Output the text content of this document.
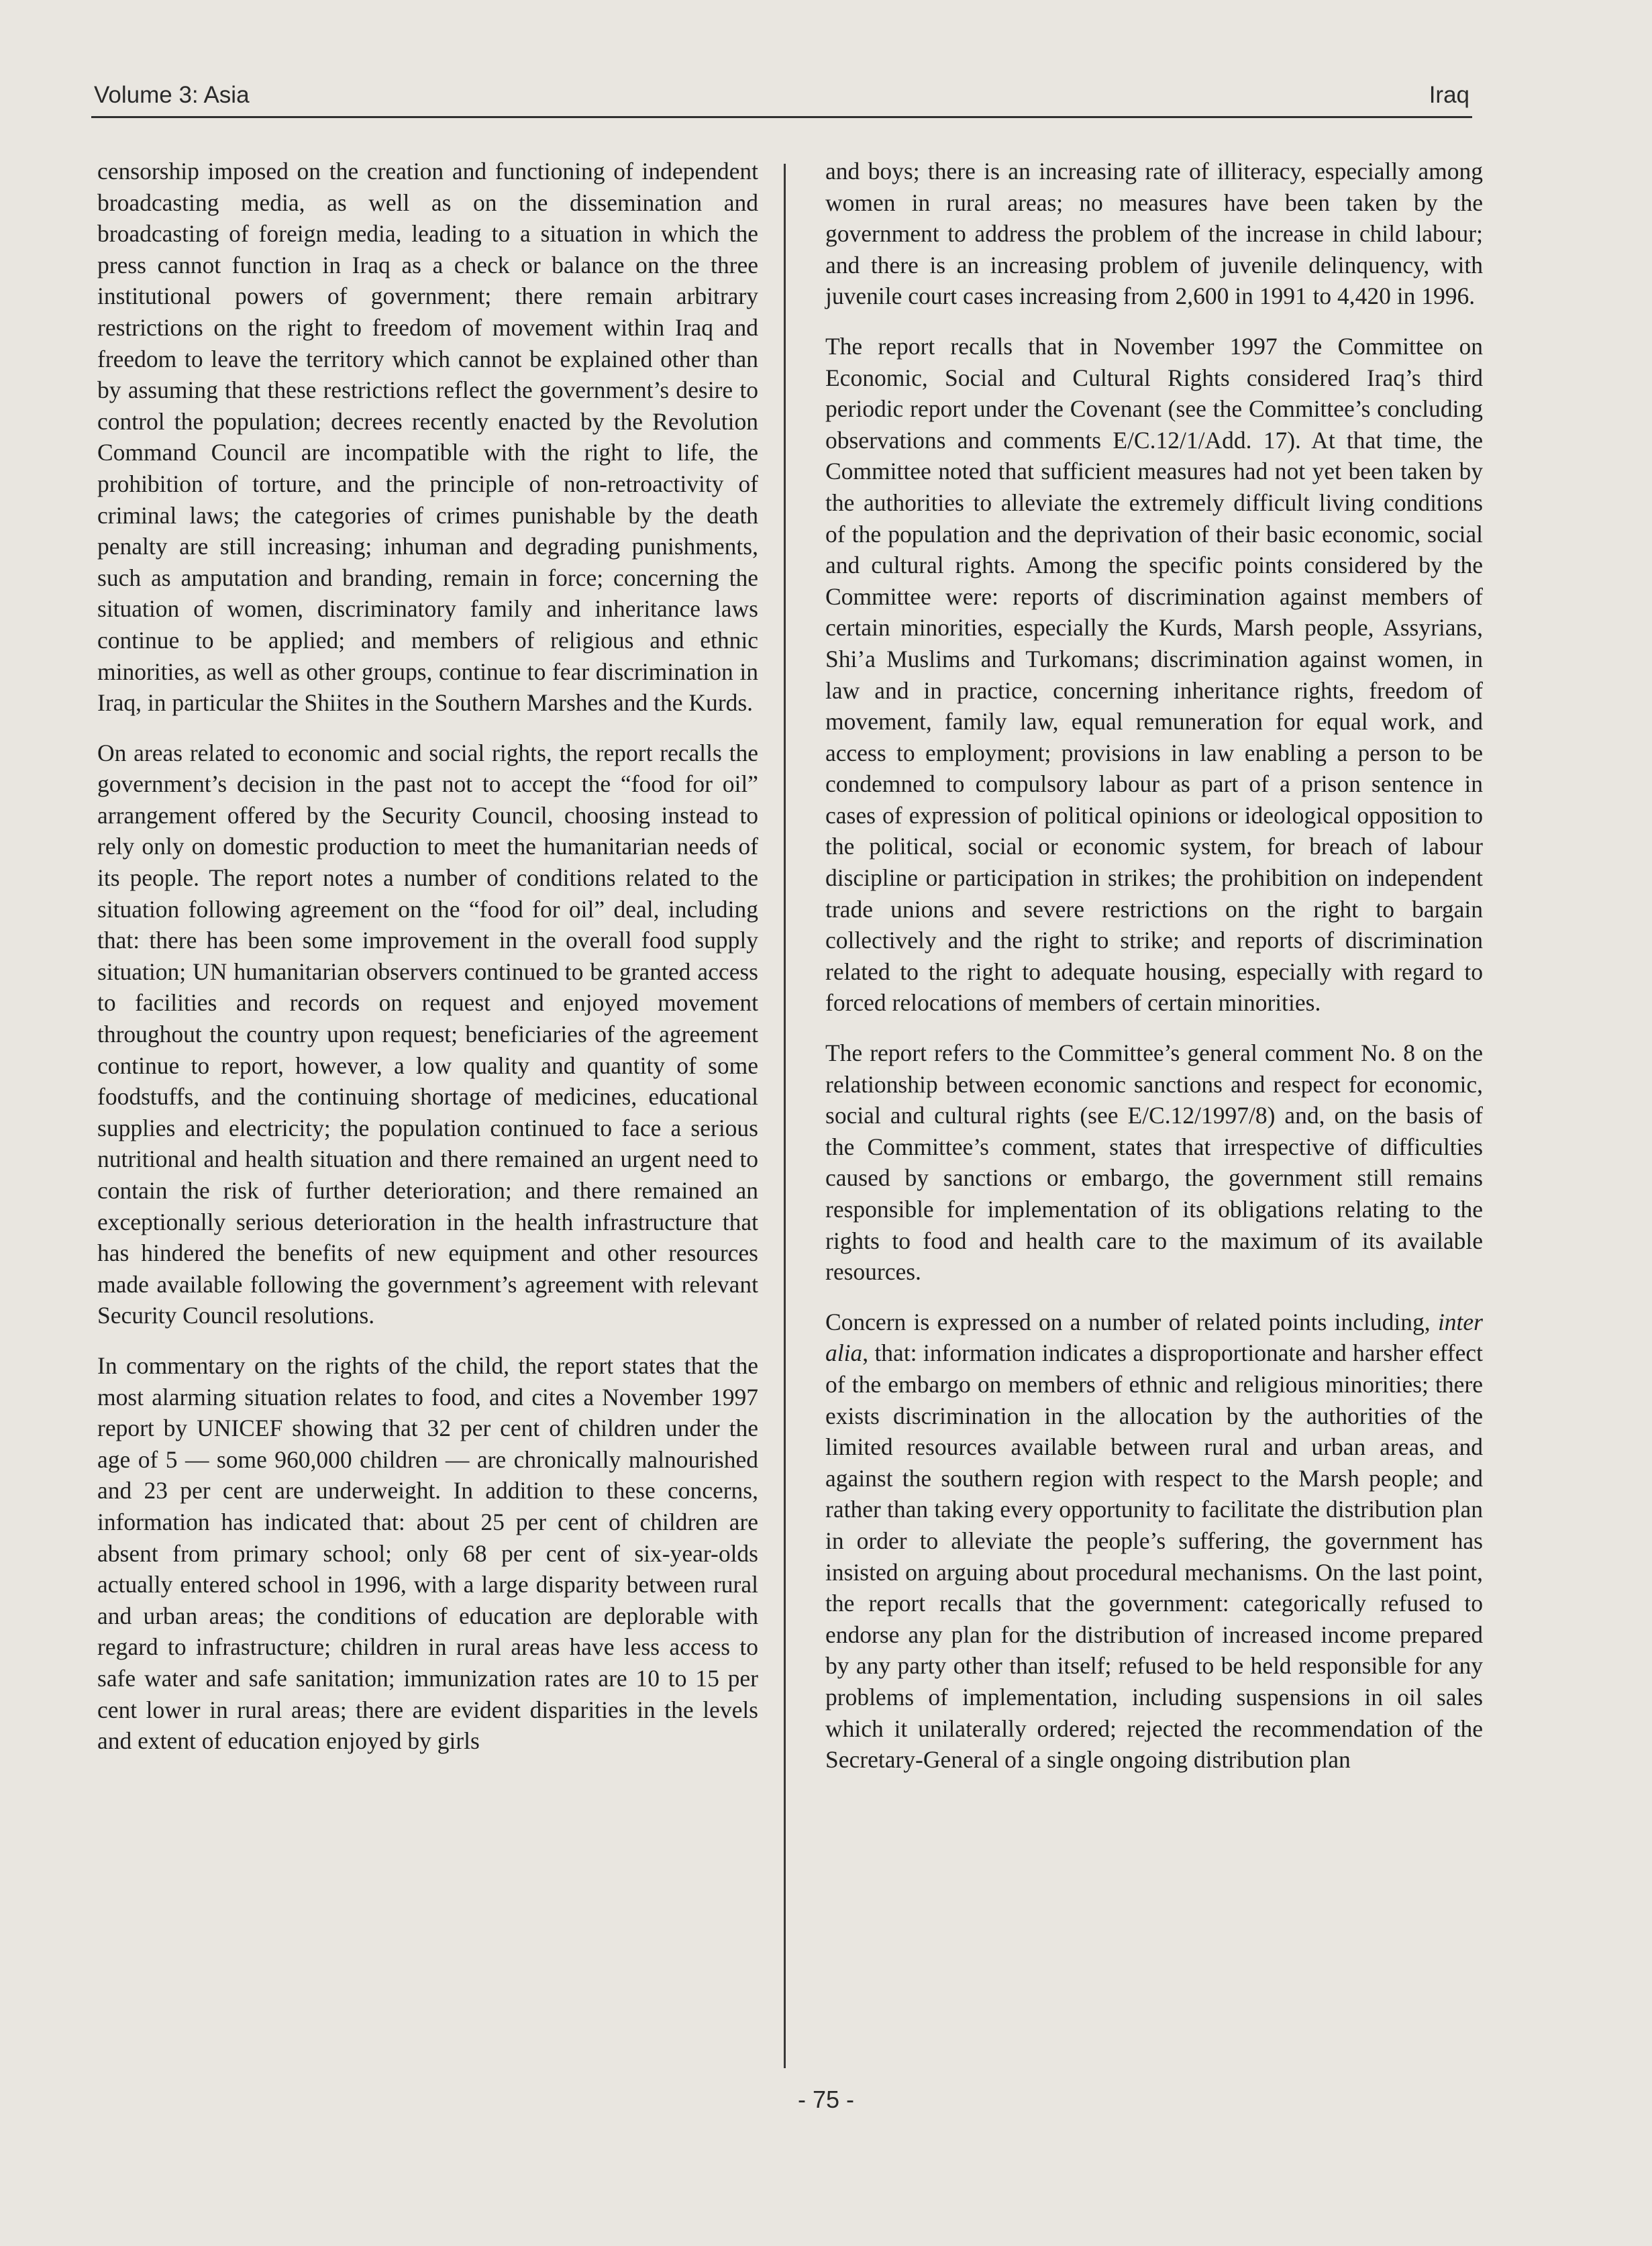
Volume 3: Asia	Iraq

censorship imposed on the creation and functioning of independent broadcasting media, as well as on the dissemination and broadcasting of foreign media, leading to a situation in which the press cannot function in Iraq as a check or balance on the three institutional powers of government; there remain arbitrary restrictions on the right to freedom of movement within Iraq and freedom to leave the territory which cannot be explained other than by assuming that these restrictions reflect the government’s desire to control the population; decrees recently enacted by the Revolution Command Council are incompatible with the right to life, the prohibition of torture, and the principle of non-retroactivity of criminal laws; the categories of crimes punishable by the death penalty are still increasing; inhuman and degrading punishments, such as amputation and branding, remain in force; concerning the situation of women, discriminatory family and inheritance laws continue to be applied; and members of religious and ethnic minorities, as well as other groups, continue to fear discrimination in Iraq, in particular the Shiites in the Southern Marshes and the Kurds.

On areas related to economic and social rights, the report recalls the government’s decision in the past not to accept the “food for oil” arrangement offered by the Security Council, choosing instead to rely only on domestic production to meet the humanitarian needs of its people. The report notes a number of conditions related to the situation following agreement on the “food for oil” deal, including that: there has been some improvement in the overall food supply situation; UN humanitarian observers continued to be granted access to facilities and records on request and enjoyed movement throughout the country upon request; beneficiaries of the agreement continue to report, however, a low quality and quantity of some foodstuffs, and the continuing shortage of medicines, educational supplies and electricity; the population continued to face a serious nutritional and health situation and there remained an urgent need to contain the risk of further deterioration; and there remained an exceptionally serious deterioration in the health infrastructure that has hindered the benefits of new equipment and other resources made available following the government’s agreement with relevant Security Council resolutions.

In commentary on the rights of the child, the report states that the most alarming situation relates to food, and cites a November 1997 report by UNICEF showing that 32 per cent of children under the age of 5 — some 960,000 children — are chronically malnourished and 23 per cent are underweight. In addition to these concerns, information has indicated that: about 25 per cent of children are absent from primary school; only 68 per cent of six-year-olds actually entered school in 1996, with a large disparity between rural and urban areas; the conditions of education are deplorable with regard to infrastructure; children in rural areas have less access to safe water and safe sanitation; immunization rates are 10 to 15 per cent lower in rural areas; there are evident disparities in the levels and extent of education enjoyed by girls

and boys; there is an increasing rate of illiteracy, especially among women in rural areas; no measures have been taken by the government to address the problem of the increase in child labour; and there is an increasing problem of juvenile delinquency, with juvenile court cases increasing from 2,600 in 1991 to 4,420 in 1996.

The report recalls that in November 1997 the Committee on Economic, Social and Cultural Rights considered Iraq’s third periodic report under the Covenant (see the Committee’s concluding observations and comments E/C.12/1/Add. 17). At that time, the Committee noted that sufficient measures had not yet been taken by the authorities to alleviate the extremely difficult living conditions of the population and the deprivation of their basic economic, social and cultural rights. Among the specific points considered by the Committee were: reports of discrimination against members of certain minorities, especially the Kurds, Marsh people, Assyrians, Shi’a Muslims and Turkomans; discrimination against women, in law and in practice, concerning inheritance rights, freedom of movement, family law, equal remuneration for equal work, and access to employment; provisions in law enabling a person to be condemned to compulsory labour as part of a prison sentence in cases of expression of political opinions or ideological opposition to the political, social or economic system, for breach of labour discipline or participation in strikes; the prohibition on independent trade unions and severe restrictions on the right to bargain collectively and the right to strike; and reports of discrimination related to the right to adequate housing, especially with regard to forced relocations of members of certain minorities.

The report refers to the Committee’s general comment No. 8 on the relationship between economic sanctions and respect for economic, social and cultural rights (see E/C.12/1997/8) and, on the basis of the Committee’s comment, states that irrespective of difficulties caused by sanctions or embargo, the government still remains responsible for implementation of its obligations relating to the rights to food and health care to the maximum of its available resources.

Concern is expressed on a number of related points including, inter alia, that: information indicates a disproportionate and harsher effect of the embargo on members of ethnic and religious minorities; there exists discrimination in the allocation by the authorities of the limited resources available between rural and urban areas, and against the southern region with respect to the Marsh people; and rather than taking every opportunity to facilitate the distribution plan in order to alleviate the people’s suffering, the government has insisted on arguing about procedural mechanisms. On the last point, the report recalls that the government: categorically refused to endorse any plan for the distribution of increased income prepared by any party other than itself; refused to be held responsible for any problems of implementation, including suspensions in oil sales which it unilaterally ordered; rejected the recommendation of the Secretary-General of a single ongoing distribution plan

- 75 -
